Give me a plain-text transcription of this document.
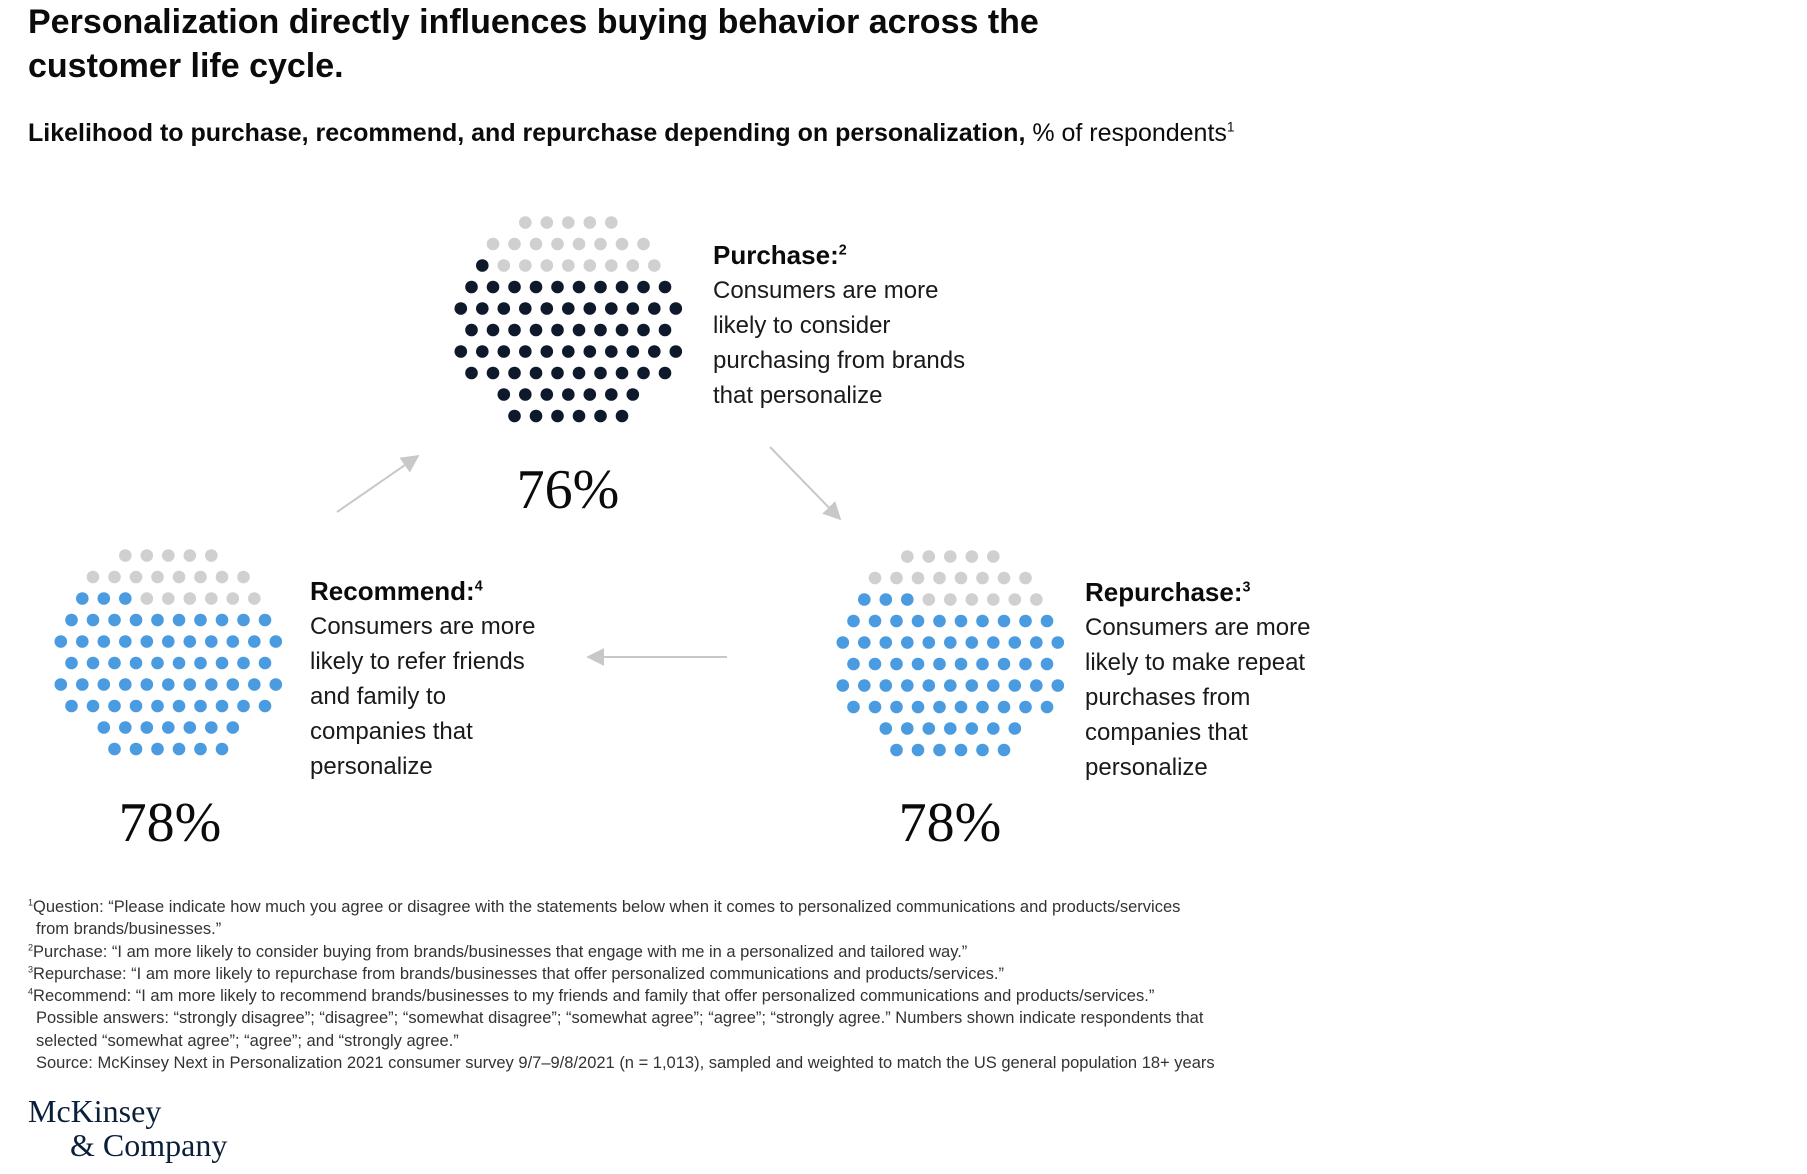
Personalization directly influences buying behavior across the customer life cycle.

Likelihood to purchase, recommend, and repurchase depending on personalization, % of respondents$^1$

76%
Purchase:$^2$
Consumers are more
likely to consider
purchasing from brands
that personalize
78%
Repurchase:$^3$
Consumers are more
likely to make repeat
purchases from
companies that
personalize
78%
Recommend:$^4$
Consumers are more
likely to refer friends
and family to
companies that
personalize
$^1$Question: “Please indicate how much you agree or disagree with the statements below when it comes to personalized communications and products/services
from brands/businesses.”
$^2$Purchase: “I am more likely to consider buying from brands/businesses that engage with me in a personalized and tailored way.”
$^3$Repurchase: “I am more likely to repurchase from brands/businesses that offer personalized communications and products/services.”
$^4$Recommend: “I am more likely to recommend brands/businesses to my friends and family that offer personalized communications and products/services.”
Possible answers: “strongly disagree”; “disagree”; “somewhat disagree”; “somewhat agree”; “agree”; “strongly agree.” Numbers shown indicate respondents that
selected “somewhat agree”; “agree”; and “strongly agree.”
Source: McKinsey Next in Personalization 2021 consumer survey 9/7–9/8/2021 (n = 1,013), sampled and weighted to match the US general population 18+ years
McKinsey
& Company
